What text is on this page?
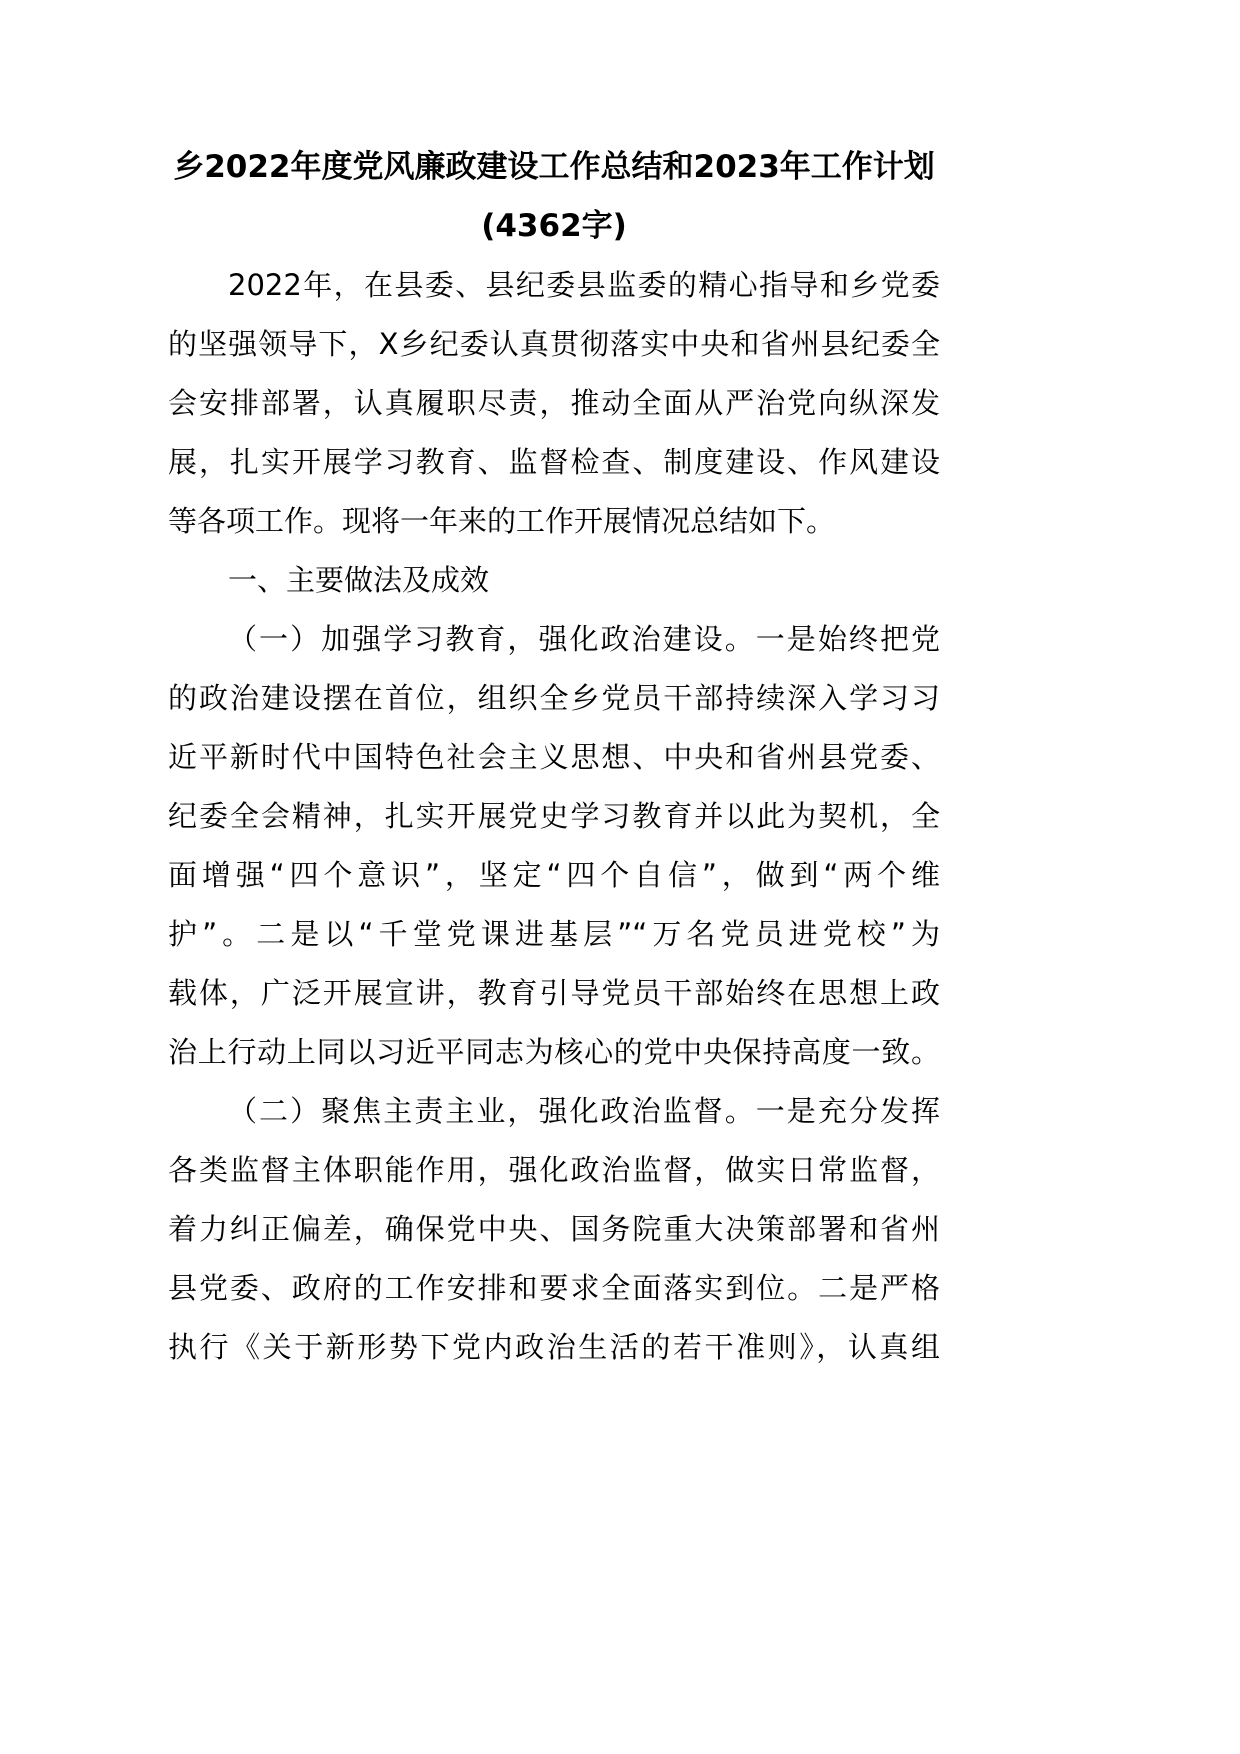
乡2022年度党风廉政建设工作总结和2023年工作计划
(4362字)
2022年，在县委、县纪委县监委的精心指导和乡党委
的坚强领导下，X乡纪委认真贯彻落实中央和省州县纪委全
会安排部署，认真履职尽责，推动全面从严治党向纵深发
展，扎实开展学习教育、监督检查、制度建设、作风建设
等各项工作。现将一年来的工作开展情况总结如下。
一、主要做法及成效
（一）加强学习教育，强化政治建设。一是始终把党
的政治建设摆在首位，组织全乡党员干部持续深入学习习
近平新时代中国特色社会主义思想、中央和省州县党委、
纪委全会精神，扎实开展党史学习教育并以此为契机，全
面增强“四个意识”，坚定“四个自信”，做到“两个维
护”。二是以“千堂党课进基层”“万名党员进党校”为
载体，广泛开展宣讲，教育引导党员干部始终在思想上政
治上行动上同以习近平同志为核心的党中央保持高度一致。
（二）聚焦主责主业，强化政治监督。一是充分发挥
各类监督主体职能作用，强化政治监督，做实日常监督，
着力纠正偏差，确保党中央、国务院重大决策部署和省州
县党委、政府的工作安排和要求全面落实到位。二是严格
执行《关于新形势下党内政治生活的若干准则》，认真组
